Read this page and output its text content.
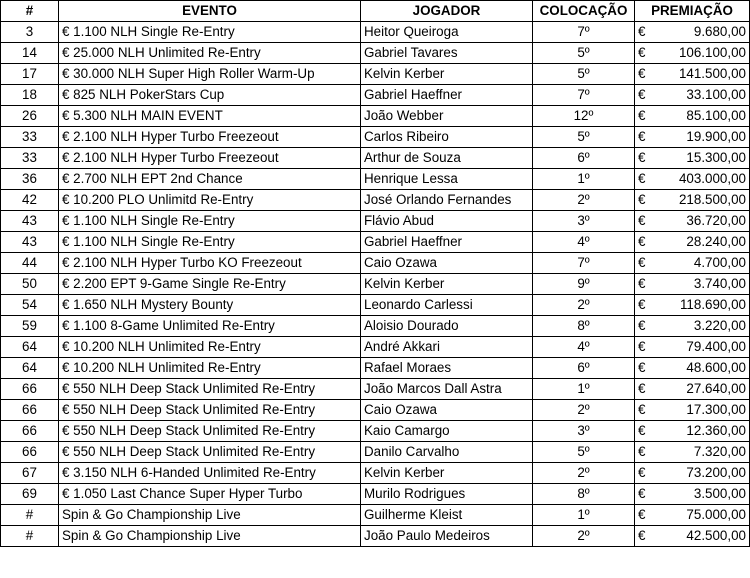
#	EVENTO	JOGADOR	COLOCAÇÃO	PREMIAÇÃO
3	€ 1.100 NLH Single Re-Entry	Heitor Queiroga	7º	€ 9.680,00

14	€ 25.000 NLH Unlimited Re-Entry	Gabriel Tavares	5º	€ 106.100,00

17	€ 30.000 NLH Super High Roller Warm-Up	Kelvin Kerber	5º	€ 141.500,00

18	€ 825 NLH PokerStars Cup	Gabriel Haeffner	7º	€ 33.100,00

26	€ 5.300 NLH MAIN EVENT	João Webber	12º	€ 85.100,00

33	€ 2.100 NLH Hyper Turbo Freezeout	Carlos Ribeiro	5º	€ 19.900,00

33	€ 2.100 NLH Hyper Turbo Freezeout	Arthur de Souza	6º	€ 15.300,00

36	€ 2.700 NLH EPT 2nd Chance	Henrique Lessa	1º	€ 403.000,00

42	€ 10.200 PLO Unlimitd Re-Entry	José Orlando Fernandes	2º	€ 218.500,00

43	€ 1.100 NLH Single Re-Entry	Flávio Abud	3º	€ 36.720,00

43	€ 1.100 NLH Single Re-Entry	Gabriel Haeffner	4º	€ 28.240,00

44	€ 2.100 NLH Hyper Turbo KO Freezeout	Caio Ozawa	7º	€ 4.700,00

50	€ 2.200 EPT 9-Game Single Re-Entry	Kelvin Kerber	9º	€ 3.740,00

54	€ 1.650 NLH Mystery Bounty	Leonardo Carlessi	2º	€ 118.690,00

59	€ 1.100 8-Game Unlimited Re-Entry	Aloisio Dourado	8º	€ 3.220,00

64	€ 10.200 NLH Unlimited Re-Entry	André Akkari	4º	€ 79.400,00

64	€ 10.200 NLH Unlimited Re-Entry	Rafael Moraes	6º	€ 48.600,00

66	€ 550 NLH Deep Stack Unlimited Re-Entry	João Marcos Dall Astra	1º	€ 27.640,00

66	€ 550 NLH Deep Stack Unlimited Re-Entry	Caio Ozawa	2º	€ 17.300,00

66	€ 550 NLH Deep Stack Unlimited Re-Entry	Kaio Camargo	3º	€ 12.360,00

66	€ 550 NLH Deep Stack Unlimited Re-Entry	Danilo Carvalho	5º	€ 7.320,00

67	€ 3.150 NLH 6-Handed Unlimited Re-Entry	Kelvin Kerber	2º	€ 73.200,00

69	€ 1.050 Last Chance Super Hyper Turbo	Murilo Rodrigues	8º	€ 3.500,00

#	Spin & Go Championship Live	Guilherme Kleist	1º	€ 75.000,00

#	Spin & Go Championship Live	João Paulo Medeiros	2º	€ 42.500,00
